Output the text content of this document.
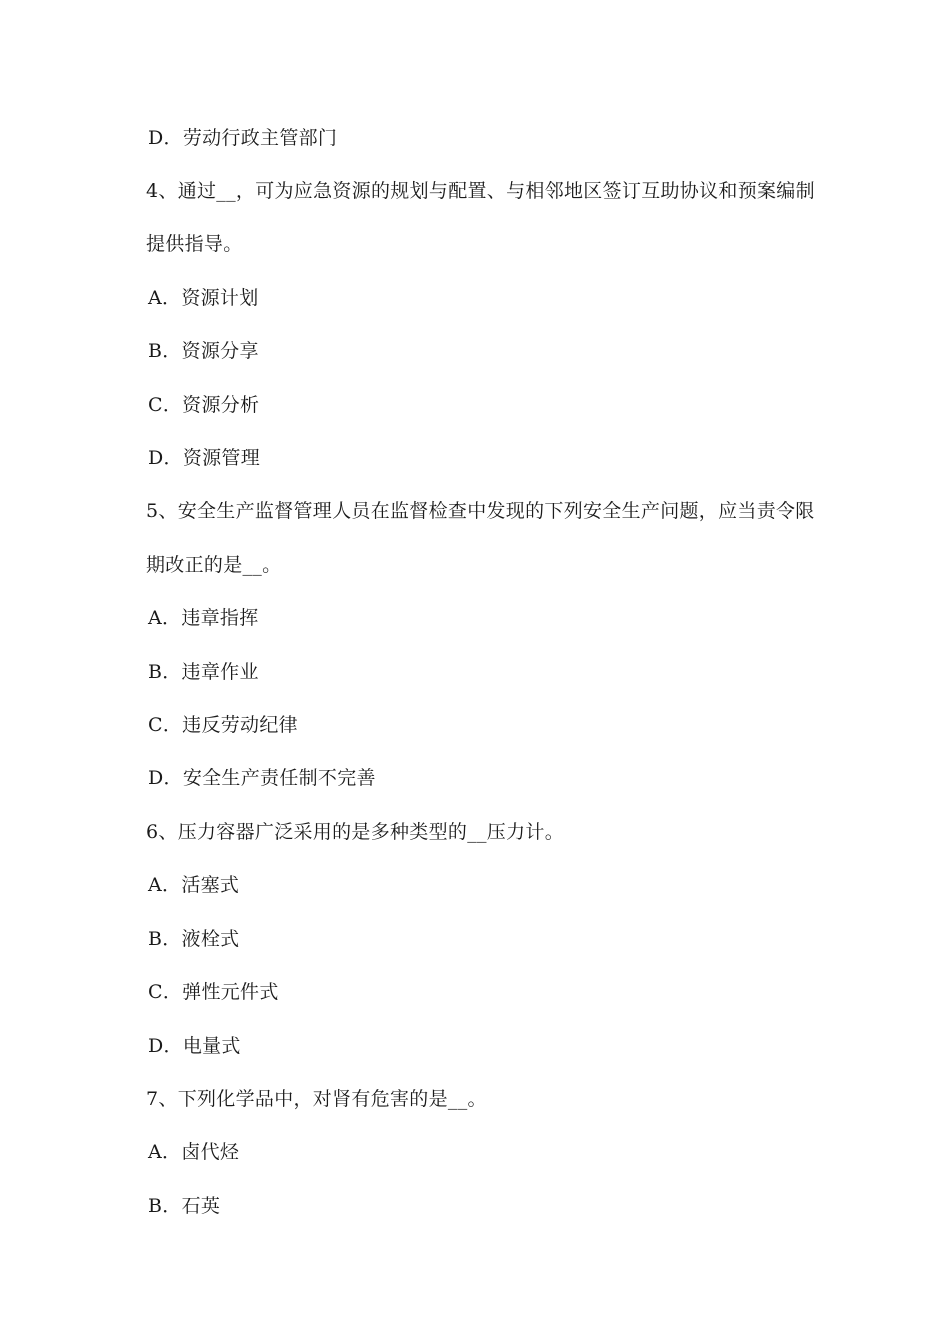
D．劳动行政主管部门
4、通过__，可为应急资源的规划与配置、与相邻地区签订互助协议和预案编制
提供指导。
A．资源计划
B．资源分享
C．资源分析
D．资源管理
5、安全生产监督管理人员在监督检查中发现的下列安全生产问题，应当责令限
期改正的是__。
A．违章指挥
B．违章作业
C．违反劳动纪律
D．安全生产责任制不完善
6、压力容器广泛采用的是多种类型的__压力计。
A．活塞式
B．液栓式
C．弹性元件式
D．电量式
7、下列化学品中，对肾有危害的是__。
A．卤代烃
B．石英
